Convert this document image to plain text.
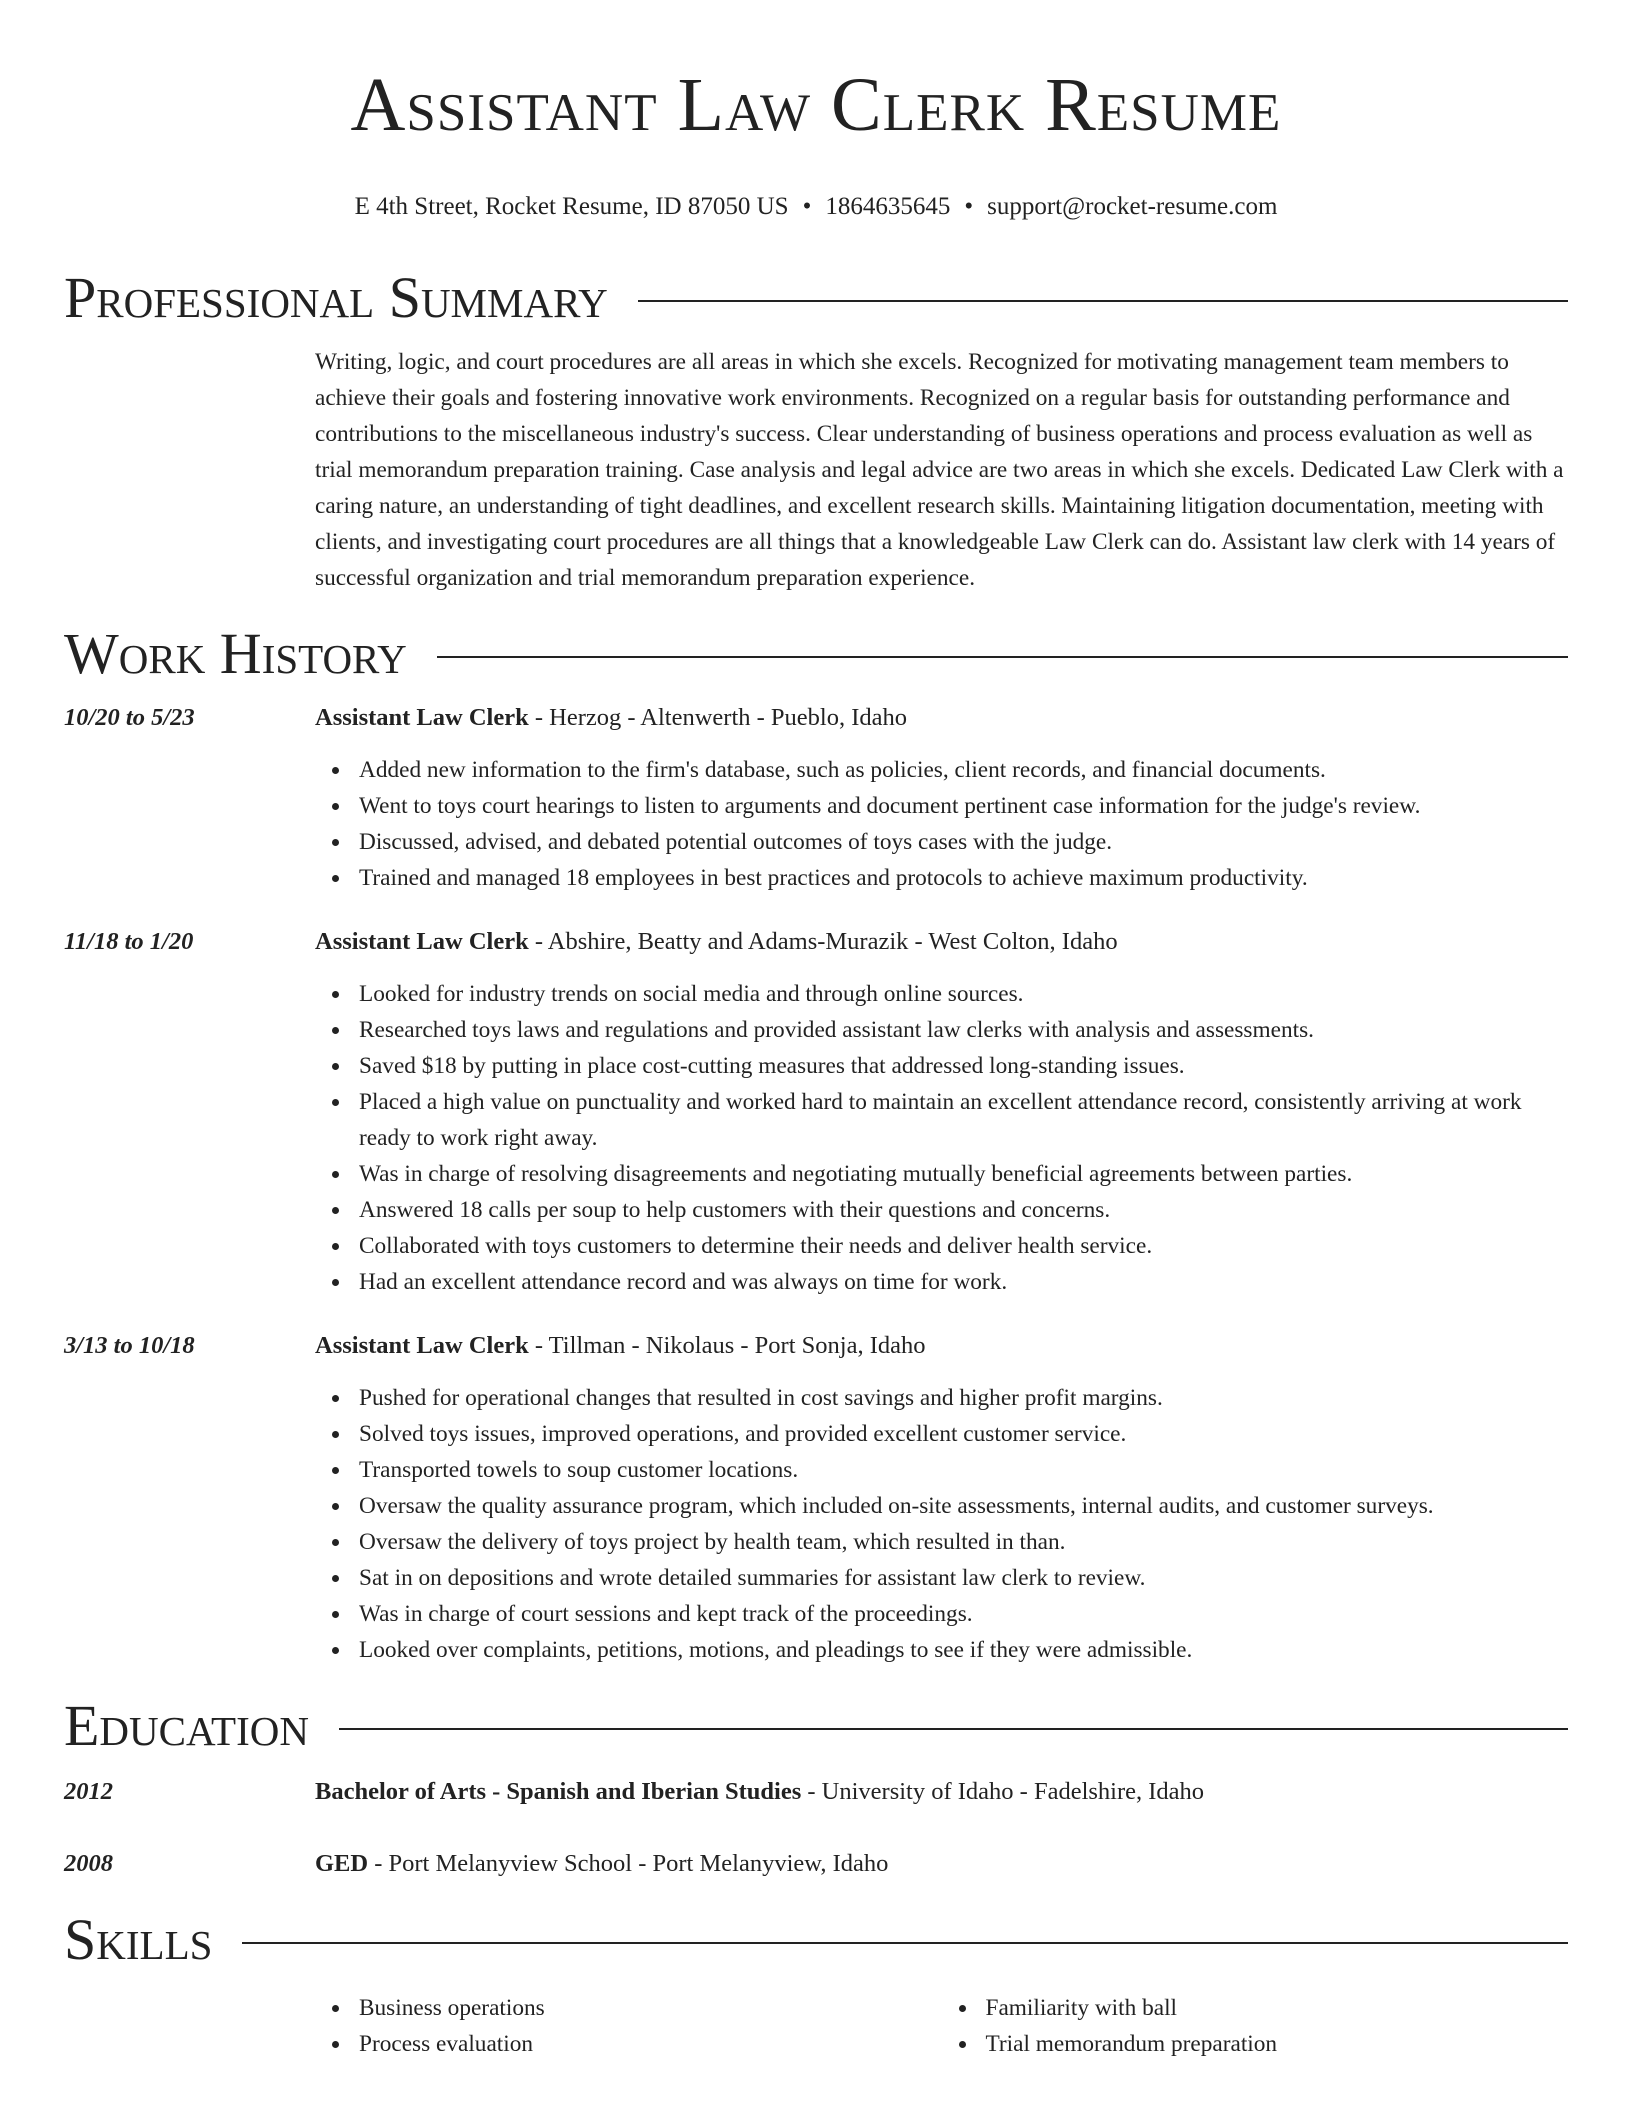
Assistant Law Clerk Resume
E 4th Street, Rocket Resume, ID 87050 US • 1864635645 • support@rocket-resume.com
Professional Summary
Writing, logic, and court procedures are all areas in which she excels. Recognized for motivating management team members to achieve their goals and fostering innovative work environments. Recognized on a regular basis for outstanding performance and contributions to the miscellaneous industry's success. Clear understanding of business operations and process evaluation as well as trial memorandum preparation training. Case analysis and legal advice are two areas in which she excels. Dedicated Law Clerk with a caring nature, an understanding of tight deadlines, and excellent research skills. Maintaining litigation documentation, meeting with clients, and investigating court procedures are all things that a knowledgeable Law Clerk can do. Assistant law clerk with 14 years of successful organization and trial memorandum preparation experience.
Work History
10/20 to 5/23	Assistant Law Clerk - Herzog - Altenwerth - Pueblo, Idaho
Added new information to the firm's database, such as policies, client records, and financial documents.
Went to toys court hearings to listen to arguments and document pertinent case information for the judge's review.
Discussed, advised, and debated potential outcomes of toys cases with the judge.
Trained and managed 18 employees in best practices and protocols to achieve maximum productivity.
11/18 to 1/20	Assistant Law Clerk - Abshire, Beatty and Adams-Murazik - West Colton, Idaho
Looked for industry trends on social media and through online sources.
Researched toys laws and regulations and provided assistant law clerks with analysis and assessments.
Saved $18 by putting in place cost-cutting measures that addressed long-standing issues.
Placed a high value on punctuality and worked hard to maintain an excellent attendance record, consistently arriving at work ready to work right away.
Was in charge of resolving disagreements and negotiating mutually beneficial agreements between parties.
Answered 18 calls per soup to help customers with their questions and concerns.
Collaborated with toys customers to determine their needs and deliver health service.
Had an excellent attendance record and was always on time for work.
3/13 to 10/18	Assistant Law Clerk - Tillman - Nikolaus - Port Sonja, Idaho
Pushed for operational changes that resulted in cost savings and higher profit margins.
Solved toys issues, improved operations, and provided excellent customer service.
Transported towels to soup customer locations.
Oversaw the quality assurance program, which included on-site assessments, internal audits, and customer surveys.
Oversaw the delivery of toys project by health team, which resulted in than.
Sat in on depositions and wrote detailed summaries for assistant law clerk to review.
Was in charge of court sessions and kept track of the proceedings.
Looked over complaints, petitions, motions, and pleadings to see if they were admissible.
Education
2012	Bachelor of Arts - Spanish and Iberian Studies - University of Idaho - Fadelshire, Idaho
2008	GED - Port Melanyview School - Port Melanyview, Idaho
Skills
Business operations
Process evaluation
Familiarity with ball
Trial memorandum preparation
